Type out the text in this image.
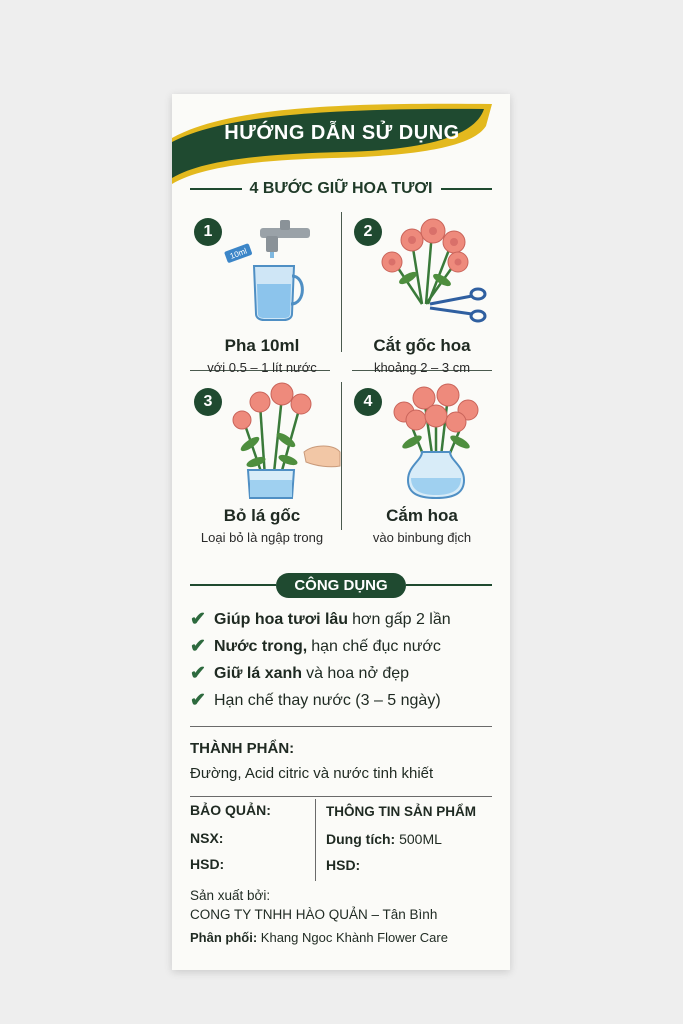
HƯỚNG DẪN SỬ DỤNG
4 BƯỚC GIỮ HOA TƯƠI
1
10ml
Pha 10ml
với 0.5 – 1 lít nước
2
Cắt gốc hoa
khoảng 2 – 3 cm
3
Bỏ lá gốc
Loại bỏ là ngập trong
4
Cắm hoa
vào binbung địch
CÔNG DỤNG
✔ Giúp hoa tươi lâu hơn gấp 2 lần
✔ Nước trong, hạn chế đục nước
✔ Giữ lá xanh và hoa nở đẹp
✔ Hạn chế thay nước (3 – 5 ngày)
THÀNH PHẨN:
Đường, Acid citric và nước tinh khiết
BẢO QUẢN:
NSX:
HSD:
THÔNG TIN SẢN PHẨM
Dung tích: 500ML
HSD:
Sản xuất bởi:
CONG TY TNHH HÀO QUẢN – Tân Bình
Phân phối: Khang Ngoc Khành Flower Care
